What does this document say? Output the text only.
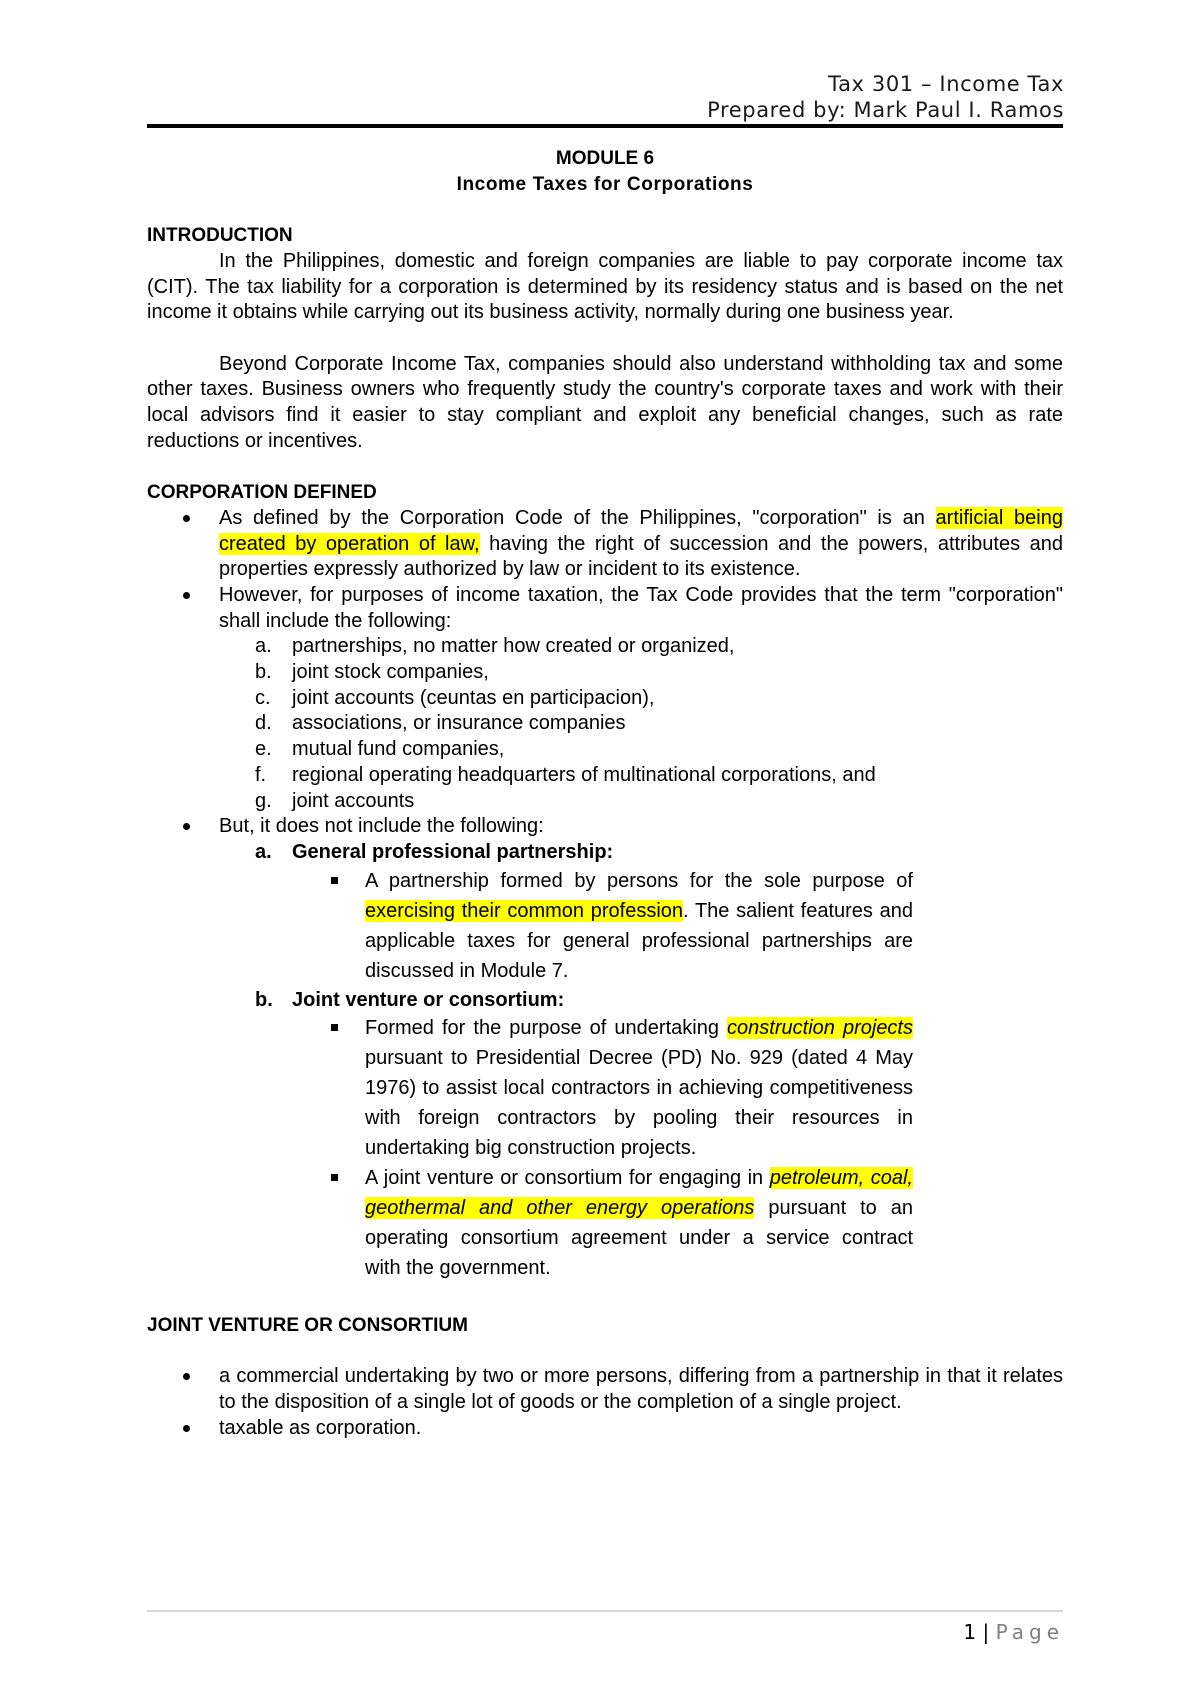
Tax 301 – Income Tax
Prepared by: Mark Paul I. Ramos
MODULE 6
Income Taxes for Corporations
INTRODUCTION

In the Philippines, domestic and foreign companies are liable to pay corporate income tax (CIT). The tax liability for a corporation is determined by its residency status and is based on the net income it obtains while carrying out its business activity, normally during one business year.

Beyond Corporate Income Tax, companies should also understand withholding tax and some other taxes. Business owners who frequently study the country's corporate taxes and work with their local advisors find it easier to stay compliant and exploit any beneficial changes, such as rate reductions or incentives.

CORPORATION DEFINED
As defined by the Corporation Code of the Philippines, "corporation" is an artificial being created by operation of law, having the right of succession and the powers, attributes and properties expressly authorized by law or incident to its existence.
However, for purposes of income taxation, the Tax Code provides that the term "corporation" shall include the following:
a. partnerships, no matter how created or organized,
b. joint stock companies,
c. joint accounts (ceuntas en participacion),
d. associations, or insurance companies
e. mutual fund companies,
f. regional operating headquarters of multinational corporations, and
g. joint accounts
But, it does not include the following:
a. General professional partnership:
A partnership formed by persons for the sole purpose of exercising their common profession. The salient features and applicable taxes for general professional partnerships are discussed in Module 7.
b. Joint venture or consortium:
Formed for the purpose of undertaking construction projects pursuant to Presidential Decree (PD) No. 929 (dated 4 May 1976) to assist local contractors in achieving competitiveness with foreign contractors by pooling their resources in undertaking big construction projects.
A joint venture or consortium for engaging in petroleum, coal, geothermal and other energy operations pursuant to an operating consortium agreement under a service contract with the government.
JOINT VENTURE OR CONSORTIUM
a commercial undertaking by two or more persons, differing from a partnership in that it relates to the disposition of a single lot of goods or the completion of a single project.
taxable as corporation.
1 | Page
